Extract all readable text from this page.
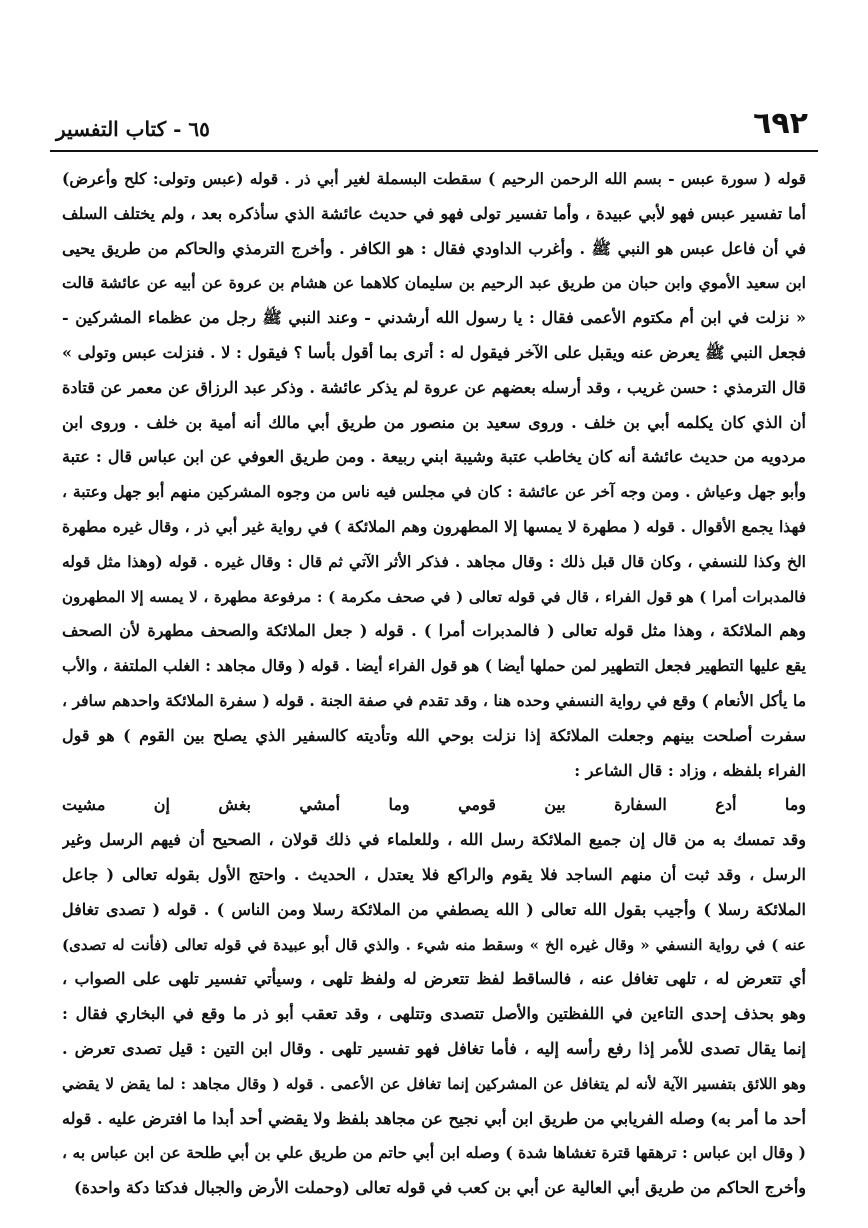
٦٩٢
٦٥ - كتاب التفسير
قوله ( سورة عبس - بسم الله الرحمن الرحيم ) سقطت البسملة لغير أبي ذر . قوله (عبس وتولى: كلح وأعرض)
أما تفسير عبس فهو لأبي عبيدة ، وأما تفسير تولى فهو في حديث عائشة الذي سأذكره بعد ، ولم يختلف السلف
في أن فاعل عبس هو النبي ﷺ . وأغرب الداودي فقال : هو الكافر . وأخرج الترمذي والحاكم من طريق يحيى
ابن سعيد الأموي وابن حبان من طريق عبد الرحيم بن سليمان كلاهما عن هشام بن عروة عن أبيه عن عائشة قالت
« نزلت في ابن أم مكتوم الأعمى فقال : يا رسول الله أرشدني - وعند النبي ﷺ رجل من عظماء المشركين -
فجعل النبي ﷺ يعرض عنه ويقبل على الآخر فيقول له : أترى بما أقول بأسا ؟ فيقول : لا . فنزلت عبس وتولى »
قال الترمذي : حسن غريب ، وقد أرسله بعضهم عن عروة لم يذكر عائشة . وذكر عبد الرزاق عن معمر عن قتادة
أن الذي كان يكلمه أبي بن خلف . وروى سعيد بن منصور من طريق أبي مالك أنه أمية بن خلف . وروى ابن
مردويه من حديث عائشة أنه كان يخاطب عتبة وشيبة ابني ربيعة . ومن طريق العوفي عن ابن عباس قال : عتبة
وأبو جهل وعياش . ومن وجه آخر عن عائشة : كان في مجلس فيه ناس من وجوه المشركين منهم أبو جهل وعتبة ،
فهذا يجمع الأقوال . قوله ( مطهرة لا يمسها إلا المطهرون وهم الملائكة ) في رواية غير أبي ذر ، وقال غيره مطهرة
الخ وكذا للنسفي ، وكان قال قبل ذلك : وقال مجاهد . فذكر الأثر الآتي ثم قال : وقال غيره . قوله (وهذا مثل قوله
فالمدبرات أمرا ) هو قول الفراء ، قال في قوله تعالى ( في صحف مكرمة ) : مرفوعة مطهرة ، لا يمسه إلا المطهرون
وهم الملائكة ، وهذا مثل قوله تعالى ( فالمدبرات أمرا ) . قوله ( جعل الملائكة والصحف مطهرة لأن الصحف
يقع عليها التطهير فجعل التطهير لمن حملها أيضا ) هو قول الفراء أيضا . قوله ( وقال مجاهد : الغلب الملتفة ، والأب
ما يأكل الأنعام ) وقع في رواية النسفي وحده هنا ، وقد تقدم في صفة الجنة . قوله ( سفرة الملائكة واحدهم سافر ،
سفرت أصلحت بينهم وجعلت الملائكة إذا نزلت بوحي الله وتأديته كالسفير الذي يصلح بين القوم ) هو قول
الفراء بلفظه ، وزاد : قال الشاعر :
وما أدع السفارة بين قومي وما أمشي بغش إن مشيت
وقد تمسك به من قال إن جميع الملائكة رسل الله ، وللعلماء في ذلك قولان ، الصحيح أن فيهم الرسل وغير
الرسل ، وقد ثبت أن منهم الساجد فلا يقوم والراكع فلا يعتدل ، الحديث . واحتج الأول بقوله تعالى ( جاعل
الملائكة رسلا ) وأجيب بقول الله تعالى ( الله يصطفي من الملائكة رسلا ومن الناس ) . قوله ( تصدى تغافل
عنه ) في رواية النسفي « وقال غيره الخ » وسقط منه شيء . والذي قال أبو عبيدة في قوله تعالى (فأنت له تصدى)
أي تتعرض له ، تلهى تغافل عنه ، فالساقط لفظ تتعرض له ولفظ تلهى ، وسيأتي تفسير تلهى على الصواب ،
وهو بحذف إحدى التاءين في اللفظتين والأصل تتصدى وتتلهى ، وقد تعقب أبو ذر ما وقع في البخاري فقال :
إنما يقال تصدى للأمر إذا رفع رأسه إليه ، فأما تغافل فهو تفسير تلهى . وقال ابن التين : قيل تصدى تعرض .
وهو اللائق بتفسير الآية لأنه لم يتغافل عن المشركين إنما تغافل عن الأعمى . قوله ( وقال مجاهد : لما يقض لا يقضي
أحد ما أمر به) وصله الفريابي من طريق ابن أبي نجيح عن مجاهد بلفظ ولا يقضي أحد أبدا ما افترض عليه . قوله
( وقال ابن عباس : ترهقها قترة تغشاها شدة ) وصله ابن أبي حاتم من طريق علي بن أبي طلحة عن ابن عباس به ،
وأخرج الحاكم من طريق أبي العالية عن أبي بن كعب في قوله تعالى (وحملت الأرض والجبال فدكتا دكة واحدة)
